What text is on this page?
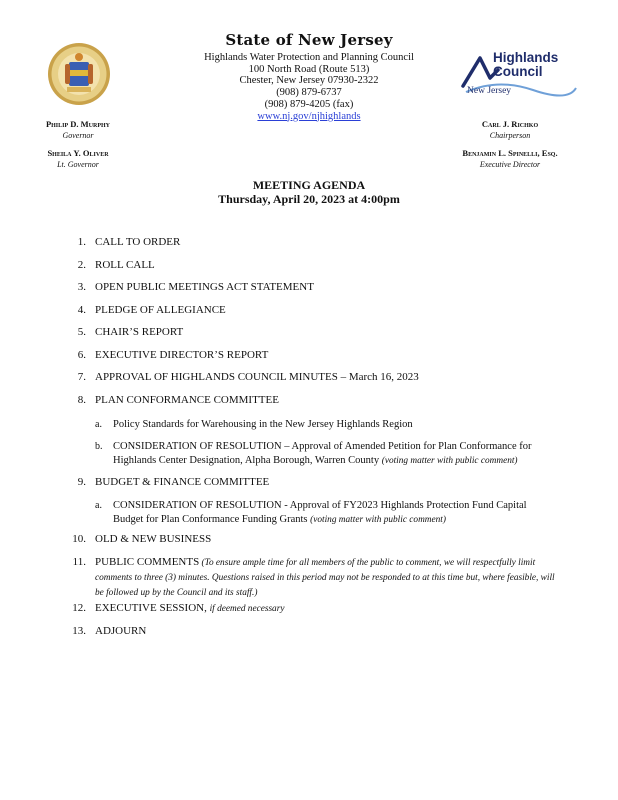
State of New Jersey
Highlands Water Protection and Planning Council
100 North Road (Route 513)
Chester, New Jersey 07930-2322
(908) 879-6737
(908) 879-4205 (fax)
www.nj.gov/njhighlands
Highlands
Council
New Jersey
Philip D. Murphy
Governor
Sheila Y. Oliver
Lt. Governor
Carl J. Richko
Chairperson
Benjamin L. Spinelli, Esq.
Executive Director
MEETING AGENDA
Thursday, April 20, 2023 at 4:00pm
1. CALL TO ORDER
2. ROLL CALL
3. OPEN PUBLIC MEETINGS ACT STATEMENT
4. PLEDGE OF ALLEGIANCE
5. CHAIR’S REPORT
6. EXECUTIVE DIRECTOR’S REPORT
7. APPROVAL OF HIGHLANDS COUNCIL MINUTES – March 16, 2023
8. PLAN CONFORMANCE COMMITTEE
a. Policy Standards for Warehousing in the New Jersey Highlands Region
b. CONSIDERATION OF RESOLUTION – Approval of Amended Petition for Plan Conformance for
Highlands Center Designation, Alpha Borough, Warren County (voting matter with public comment)
9. BUDGET & FINANCE COMMITTEE
a. CONSIDERATION OF RESOLUTION - Approval of FY2023 Highlands Protection Fund Capital
Budget for Plan Conformance Funding Grants (voting matter with public comment)
10. OLD & NEW BUSINESS
11. PUBLIC COMMENTS (To ensure ample time for all members of the public to comment, we will respectfully limit comments to three (3) minutes. Questions raised in this period may not be responded to at this time but, where feasible, will be followed up by the Council and its staff.)
12. EXECUTIVE SESSION, if deemed necessary
13. ADJOURN
